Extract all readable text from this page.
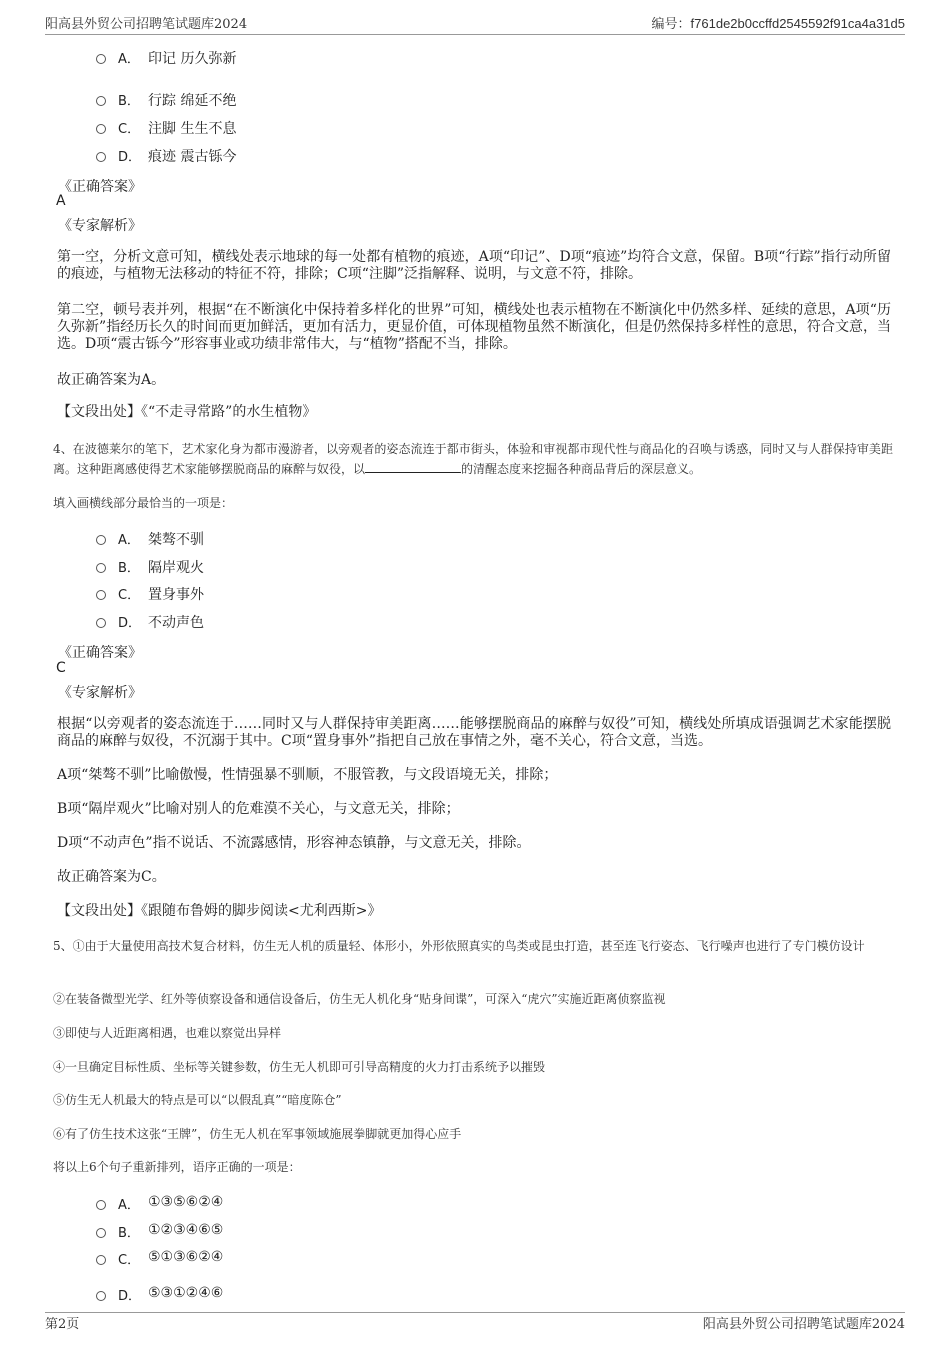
阳高县外贸公司招聘笔试题库2024	编号：f761de2b0ccffd2545592f91ca4a31d5
A． 印记 历久弥新
B． 行踪 绵延不绝
C． 注脚 生生不息
D． 痕迹 震古铄今
《正确答案》
A
《专家解析》
第一空，分析文意可知，横线处表示地球的每一处都有植物的痕迹，A项“印记”、D项“痕迹”均符合文意，保留。B项“行踪”指行动所留的痕迹，与植物无法移动的特征不符，排除；C项“注脚”泛指解释、说明，与文意不符，排除。
第二空，顿号表并列，根据“在不断演化中保持着多样化的世界”可知，横线处也表示植物在不断演化中仍然多样、延续的意思，A项“历久弥新”指经历长久的时间而更加鲜活，更加有活力，更显价值，可体现植物虽然不断演化，但是仍然保持多样性的意思，符合文意，当选。D项“震古铄今”形容事业或功绩非常伟大，与“植物”搭配不当，排除。
故正确答案为A。
【文段出处】《“不走寻常路”的水生植物》
4、在波德莱尔的笔下，艺术家化身为都市漫游者，以旁观者的姿态流连于都市街头，体验和审视都市现代性与商品化的召唤与诱惑，同时又与人群保持审美距离。这种距离感使得艺术家能够摆脱商品的麻醉与奴役，以	的清醒态度来挖掘各种商品背后的深层意义。
填入画横线部分最恰当的一项是：
A． 桀骜不驯
B． 隔岸观火
C． 置身事外
D． 不动声色
《正确答案》
C
《专家解析》
根据“以旁观者的姿态流连于……同时又与人群保持审美距离……能够摆脱商品的麻醉与奴役”可知，横线处所填成语强调艺术家能摆脱商品的麻醉与奴役，不沉溺于其中。C项“置身事外”指把自己放在事情之外，毫不关心，符合文意，当选。
A项“桀骜不驯”比喻傲慢，性情强暴不驯顺，不服管教，与文段语境无关，排除；
B项“隔岸观火”比喻对别人的危难漠不关心，与文意无关，排除；
D项“不动声色”指不说话、不流露感情，形容神态镇静，与文意无关，排除。
故正确答案为C。
【文段出处】《跟随布鲁姆的脚步阅读<尤利西斯>》
5、①由于大量使用高技术复合材料，仿生无人机的质量轻、体形小，外形依照真实的鸟类或昆虫打造，甚至连飞行姿态、飞行噪声也进行了专门模仿设计
②在装备微型光学、红外等侦察设备和通信设备后，仿生无人机化身“贴身间谍”，可深入“虎穴”实施近距离侦察监视
③即使与人近距离相遇，也难以察觉出异样
④一旦确定目标性质、坐标等关键参数，仿生无人机即可引导高精度的火力打击系统予以摧毁
⑤仿生无人机最大的特点是可以“以假乱真”“暗度陈仓”
⑥有了仿生技术这张“王牌”，仿生无人机在军事领域施展拳脚就更加得心应手
将以上6个句子重新排列，语序正确的一项是：
A． ①③⑤⑥②④
B． ①②③④⑥⑤
C． ⑤①③⑥②④
D． ⑤③①②④⑥
第2页	阳高县外贸公司招聘笔试题库2024
